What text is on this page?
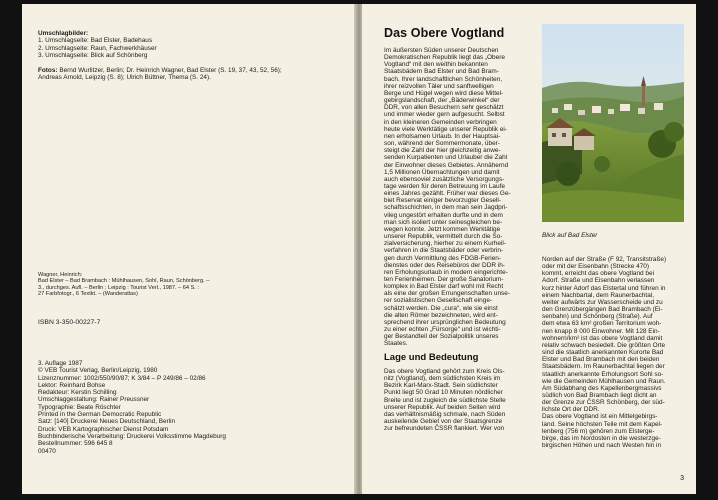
Umschlagbilder:
1. Umschlagseite: Bad Elster, Badehaus
2. Umschlagseite: Raun, Fachwerkhäuser
3. Umschlagseite: Blick auf Schönberg
Fotos: Bernd Wurlitzer, Berlin; Dr. Heinrich Wagner, Bad Elster (S. 19, 37, 43, 52, 56);
Andreas Arnold, Leipzig (S. 8); Ulrich Büttner, Thema (S. 24).
Wagner, Heinrich:
Bad Elster – Bad Brambach : Mühlhausen, Sohl, Raun, Schönberg. –
3., durchges. Aufl. – Berlin ; Leipzig : Tourist Verl., 1987. – 64 S. :
27 Farbfotogr., 6 Textkt. – (Wanderatlas)
ISBN 3-350-00227-7
3. Auflage 1987
© VEB Tourist Verlag, Berlin/Leipzig, 1980
Lizenznummer: 1002/550/90/87; K 3/84 – P 249/86 – 02/86
Lektor: Reinhard Bohse
Redakteur: Kerstin Schilling
Umschlaggestaltung: Rainer Preussner
Typographie: Beate Röschter
Printed in the German Democratic Republic
Satz: [140] Druckerei Neues Deutschland, Berlin
Druck: VEB Kartographischer Dienst Potsdam
Buchbinderische Verarbeitung: Druckerei Volksstimme Magdeburg
Bestellnummer: 596 645 8
00470
Das Obere Vogtland
Im äußersten Süden unserer Deutschen
Demokratischen Republik liegt das „Obere
Vogtland“ mit den weithin bekannten
Staatsbädern Bad Elster und Bad Bram-
bach. Ihrer landschaftlichen Schönheiten,
ihrer reizvollen Täler und sanftwelligen
Berge und Hügel wegen wird diese Mittel-
gebirgslandschaft, der „Bäderwinkel“ der
DDR, von allen Besuchern sehr geschätzt
und immer wieder gern aufgesucht. Selbst
in den kleineren Gemeinden verbringen
heute viele Werktätige unserer Republik ei-
nen erholsamen Urlaub. In der Hauptsai-
son, während der Sommermonate, über-
steigt die Zahl der hier gleichzeitig anwe-
senden Kurpatienten und Urlauber die Zahl
der Einwohner dieses Gebietes. Annähernd
1,5 Millionen Übernachtungen und damit
auch ebensoviel zusätzliche Versorgungs-
tage werden für deren Betreuung im Laufe
eines Jahres gezählt. Früher war dieses Ge-
biet Reservat einiger bevorzugter Gesell-
schaftsschichten, in dem man sein Jagdpri-
vileg ungestört erhalten durfte und in dem
man sich isoliert unter seinesgleichen be-
wegen konnte. Jetzt kommen Werktätige
unserer Republik, vermittelt durch die So-
zialversicherung, hierher zu einem Kurheil-
verfahren in die Staatsbäder oder verbrin-
gen durch Vermittlung des FDGB-Ferien-
dienstes oder des Reisebüros der DDR ih-
ren Erholungsurlaub in modern eingerichte-
ten Ferienheimen. Der große Sanatorium-
komplex in Bad Elster darf wohl mit Recht
als eine der großen Errungenschaften unse-
rer sozialistischen Gesellschaft einge-
schätzt werden. Die „cura“, wie sie einst
die alten Römer bezeichneten, wird ent-
sprechend ihrer ursprünglichen Bedeutung
zu einer echten „Fürsorge“ und ist wichti-
ger Bestandteil der Sozialpolitik unseres
Staates.
Lage und Bedeutung
Das obere Vogtland gehört zum Kreis Ols-
nitz (Vogtland), dem südlichsten Kreis im
Bezirk Karl-Marx-Stadt. Sein südlichster
Punkt liegt 50 Grad 10 Minuten nördlicher
Breite und ist zugleich die südlichste Stelle
unserer Republik. Auf beiden Seiten wird
das verhältnismäßig schmale, nach Süden
auskeilende Gebiet von der Staatsgrenze
zur befreundeten ČSSR flankiert. Wer von
Blick auf Bad Elster
Norden auf der Straße (F 92, Transitstraße)
oder mit der Eisenbahn (Strecke 470)
kommt, erreicht das obere Vogtland bei
Adorf. Straße und Eisenbahn verlassen
kurz hinter Adorf das Elstertal und führen in
einem Nachbartal, dem Raunerbachtal,
weiter aufwärts zur Wasserscheide und zu
den Grenzübergängen Bad Brambach (Ei-
senbahn) und Schönberg (Straße). Auf
dem etwa 63 km² großen Territorium woh-
nen knapp 8 000 Einwohner. Mit 128 Ein-
wohnern/km² ist das obere Vogtland damit
relativ schwach besiedelt. Die größten Orte
sind die staatlich anerkannten Kurorte Bad
Elster und Bad Brambach mit den beiden
Staatsbädern. Im Raunerbachtal liegen der
staatlich anerkannte Erholungsort Sohl so-
wie die Gemeinden Mühlhausen und Raun.
Am Südabhang des Kapellenbergmassivs
südlich von Bad Brambach liegt dicht an
der Grenze zur ČSSR Schönberg, der süd-
lichste Ort der DDR.
Das obere Vogtland ist ein Mittelgebirgs-
land. Seine höchsten Teile mit dem Kapel-
lenberg (756 m) gehören zum Elsterge-
birge, das im Nordosten in die westerzge-
birgischen Höhen und nach Westen hin in
3
